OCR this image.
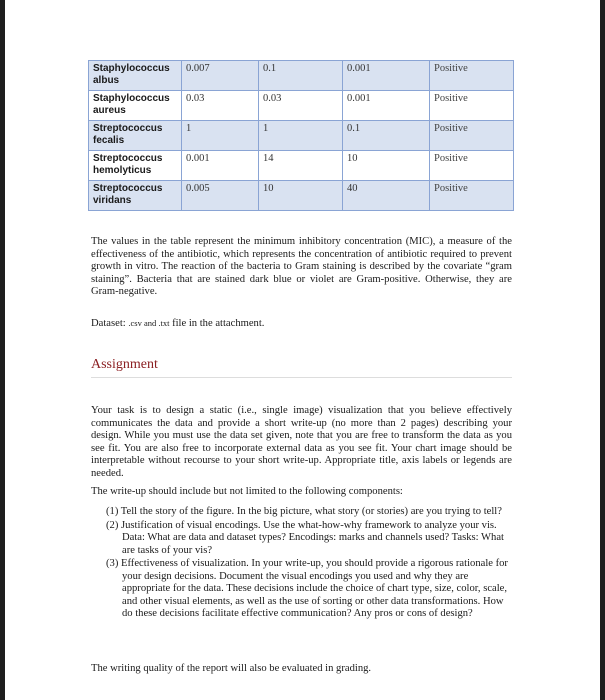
Staphylococcus albus	0.007	0.1	0.001	Positive
Staphylococcus aureus	0.03	0.03	0.001	Positive
Streptococcus fecalis	1	1	0.1	Positive
Streptococcus hemolyticus	0.001	14	10	Positive
Streptococcus viridans	0.005	10	40	Positive
The values in the table represent the minimum inhibitory concentration (MIC), a measure of the effectiveness of the antibiotic, which represents the concentration of antibiotic required to prevent growth in vitro. The reaction of the bacteria to Gram staining is described by the covariate “gram staining”. Bacteria that are stained dark blue or violet are Gram-positive. Otherwise, they are Gram-negative.
Dataset: .csv and .txt file in the attachment.
Assignment
Your task is to design a static (i.e., single image) visualization that you believe effectively communicates the data and provide a short write-up (no more than 2 pages) describing your design. While you must use the data set given, note that you are free to transform the data as you see fit. You are also free to incorporate external data as you see fit. Your chart image should be interpretable without recourse to your short write-up. Appropriate title, axis labels or legends are needed.
The write-up should include but not limited to the following components:
(1) Tell the story of the figure. In the big picture, what story (or stories) are you trying to tell?
(2) Justification of visual encodings. Use the what-how-why framework to analyze your vis. Data: What are data and dataset types? Encodings: marks and channels used? Tasks: What are tasks of your vis?
(3) Effectiveness of visualization. In your write-up, you should provide a rigorous rationale for your design decisions. Document the visual encodings you used and why they are appropriate for the data. These decisions include the choice of chart type, size, color, scale, and other visual elements, as well as the use of sorting or other data transformations. How do these decisions facilitate effective communication? Any pros or cons of design?
The writing quality of the report will also be evaluated in grading.
